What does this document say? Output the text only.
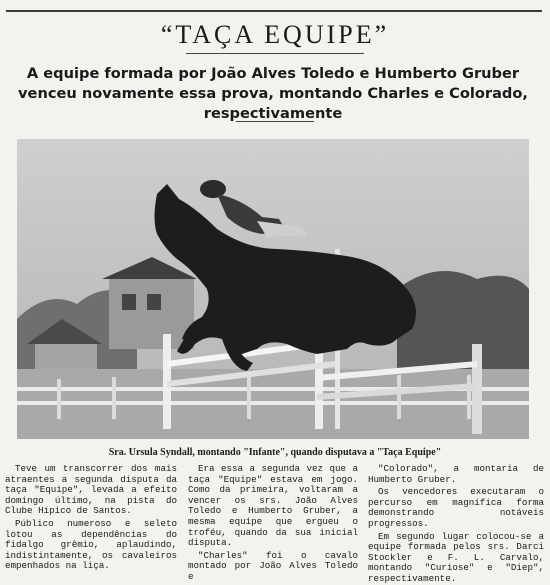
“TAÇA EQUIPE”
A equipe formada por João Alves Toledo e Humberto Gruber venceu novamente essa prova, montando Charles e Colorado, respectivamente
Sra. Ursula Syndall, montando "Infante", quando disputava a "Taça Equipe"

Teve um transcorrer dos mais atraentes a segunda disputa da taça "Equipe", levada a efeito domingo último, na pista do Clube Hípico de Santos.

Público numeroso e seleto lotou as dependências do fidalgo grêmio, aplaudindo, indistintamente, os cavaleiros empenhados na liça.

Era essa a segunda vez que a taça "Equipe" estava em jogo. Como da primeira, voltaram a vencer os srs. João Alves Toledo e Humberto Gruber, a mesma equipe que ergueu o troféu, quando da sua inicial disputa.

"Charles" foi o cavalo montado por João Alves Toledo e

"Colorado", a montaria de Humberto Gruber.

Os vencedores executaram o percurso em magnífica forma demonstrando notáveis progressos.

Em segundo lugar colocou-se a equipe formada pelos srs. Darci Stockler e F. L. Carvalo, montando "Curiose" e "Diep", respectivamente.
